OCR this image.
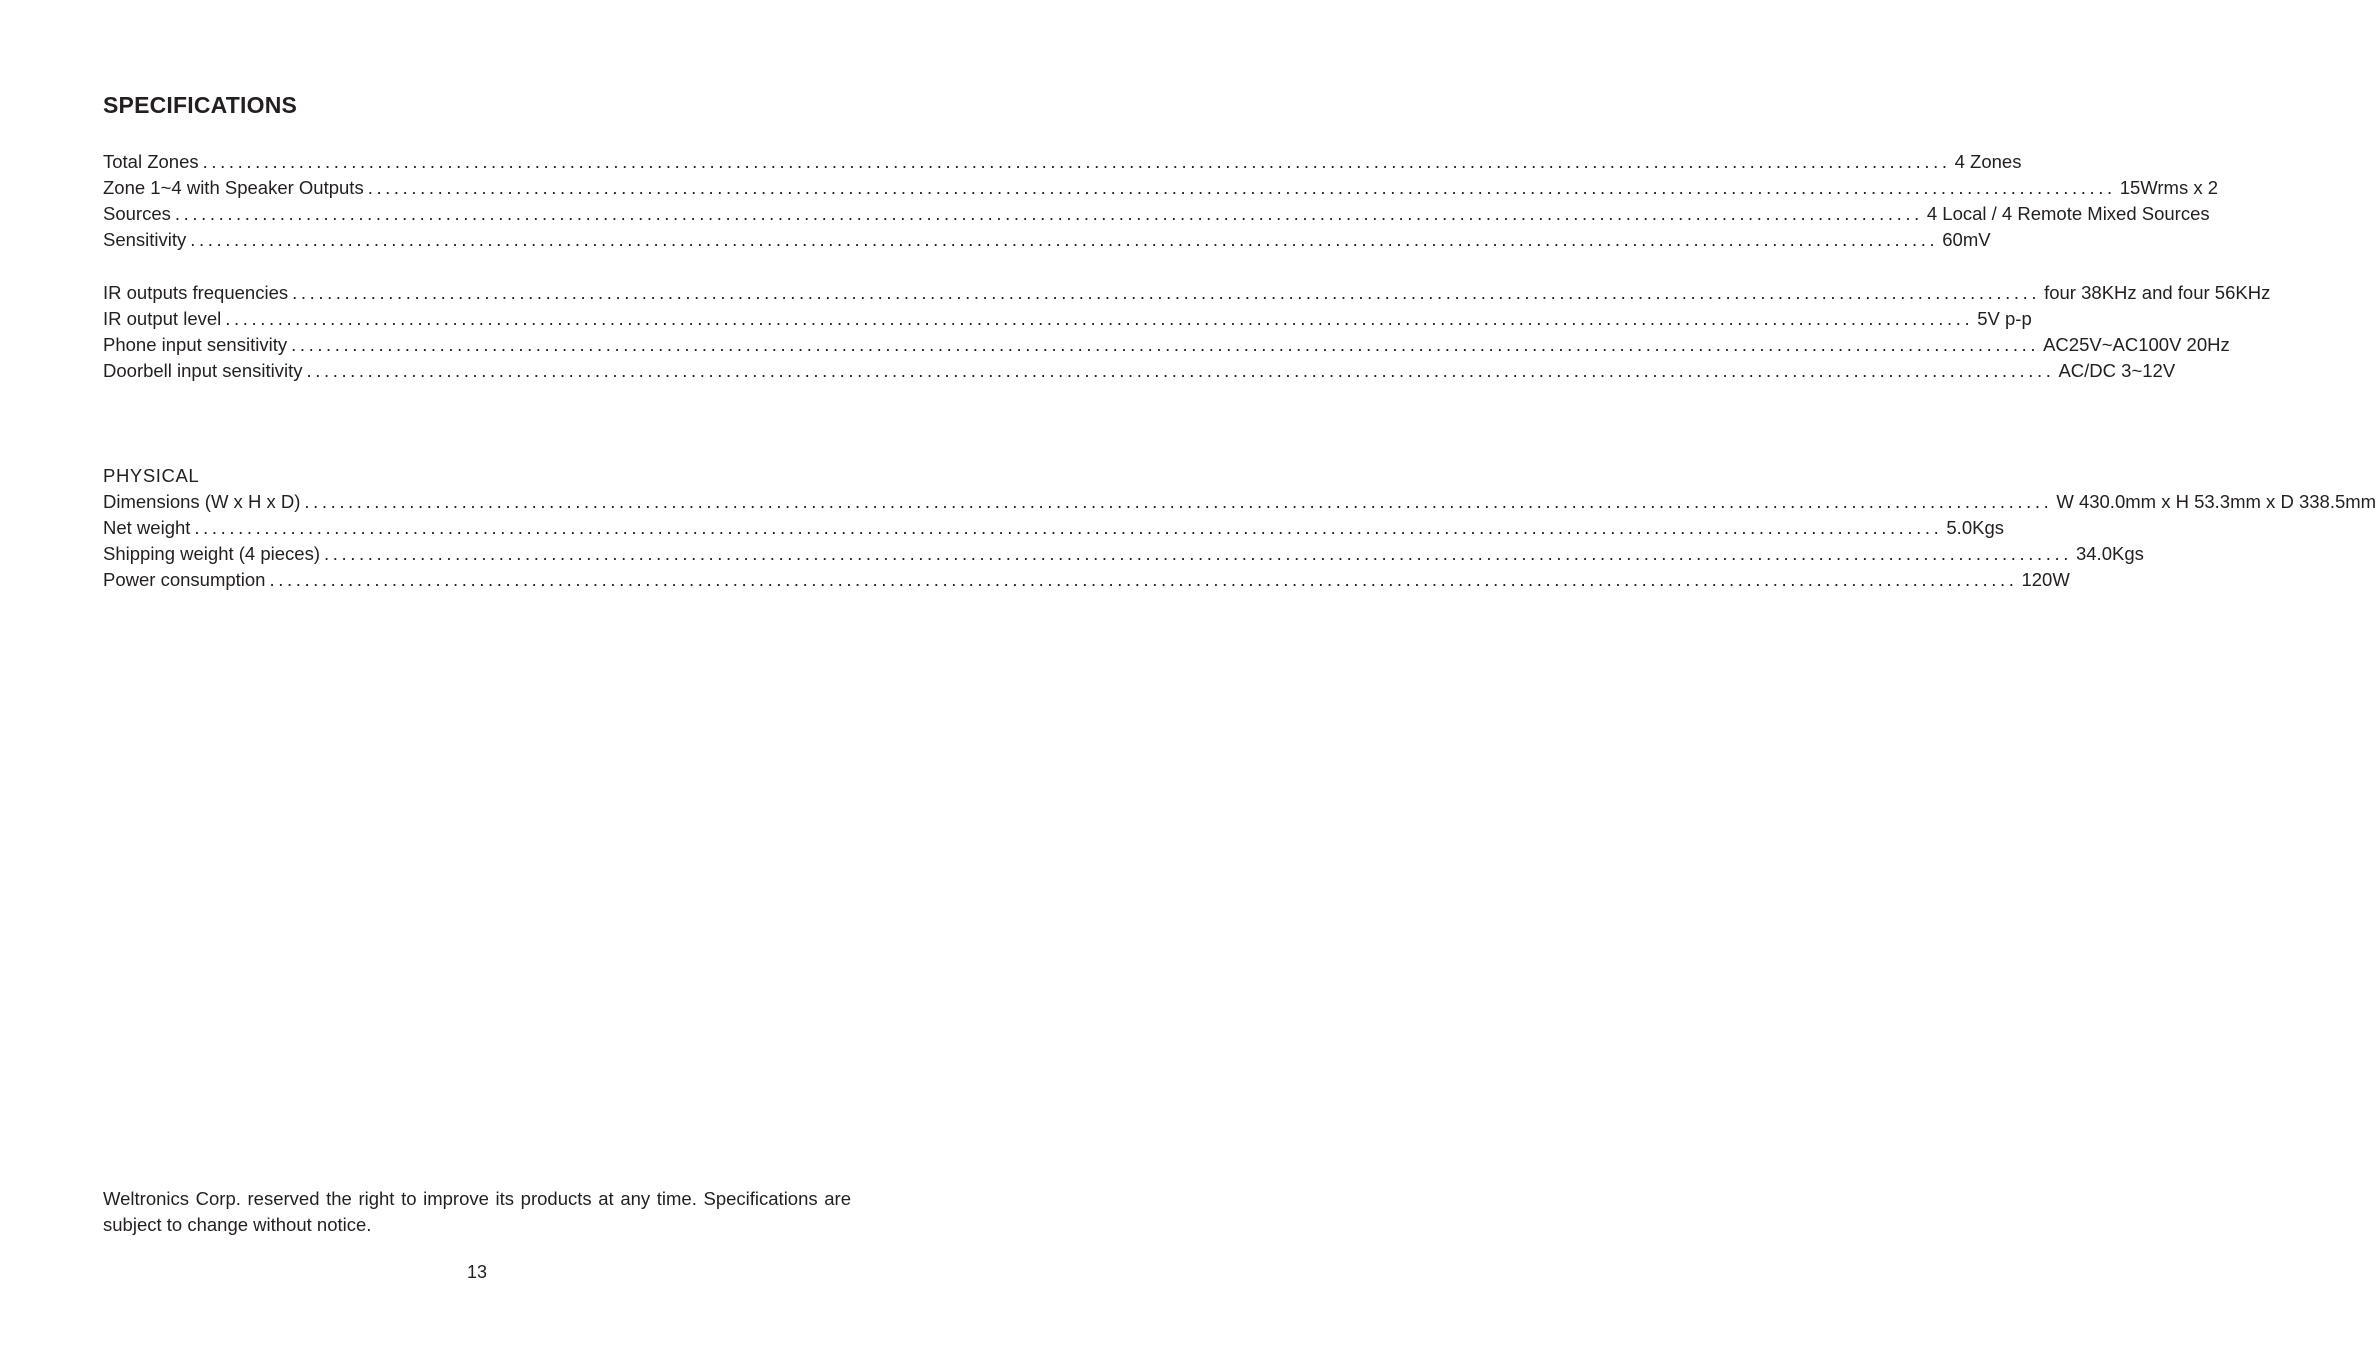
SPECIFICATIONS
Total Zones ........................................................................................................................................................................................................ 4 Zones
Zone 1~4 with Speaker Outputs ........................................................................................................................................................................................................ 15Wrms x 2
Sources ........................................................................................................................................................................................................ 4 Local / 4 Remote Mixed Sources
Sensitivity ........................................................................................................................................................................................................ 60mV
IR outputs frequencies ........................................................................................................................................................................................................ four 38KHz and four 56KHz
IR output level ........................................................................................................................................................................................................ 5V p-p
Phone input sensitivity ........................................................................................................................................................................................................ AC25V~AC100V 20Hz
Doorbell input sensitivity ........................................................................................................................................................................................................ AC/DC 3~12V
PHYSICAL
Dimensions (W x H x D) ........................................................................................................................................................................................................ W 430.0mm x H 53.3mm x D 338.5mm
Net weight ........................................................................................................................................................................................................ 5.0Kgs
Shipping weight (4 pieces) ........................................................................................................................................................................................................ 34.0Kgs
Power consumption ........................................................................................................................................................................................................ 120W
Weltronics Corp. reserved the right to improve its products at any time. Specifications are subject to change without notice.
13
